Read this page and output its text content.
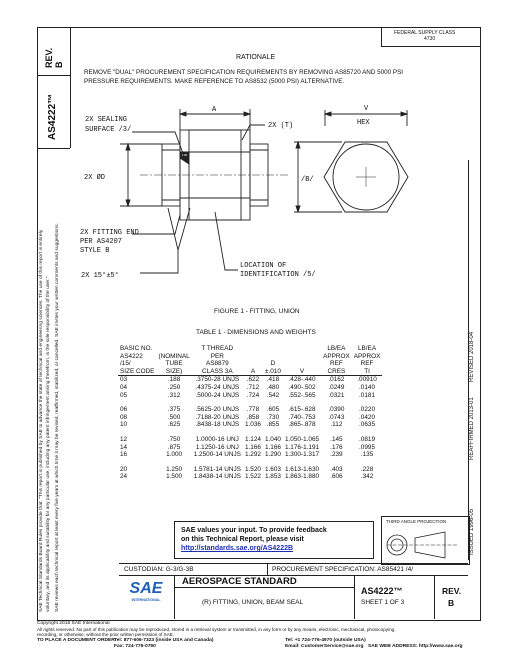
REV.
B
AS4222™
SAE Technical Standards Board Rules provide that: "This report is published by SAE to advance the state of technical and engineering sciences. The use of this report is entirely voluntary, and its applicability and suitability for any particular use, including any patent infringement arising therefrom, is the sole responsibility of the user." SAE reviews each technical report at least every five years at which time it may be revised, reaffirmed, stabilized, or cancelled. SAE invites your written comments and suggestions.	ISSUED 1996-05
REAFFIRMED 2013-01
REVISED 2018-04
FEDERAL SUPPLY CLASS
4730
RATIONALE
REMOVE "DUAL" PROCUREMENT SPECIFICATION REQUIREMENTS BY REMOVING AS85720 AND 5000 PSI
PRESSURE REQUIREMENTS. MAKE REFERENCE TO AS8532 (5000 PSI) ALTERNATIVE.
A	V
HEX
2X SEALING
SURFACE /3/	2X (T)
2X ØD	/B/
2X FITTING END
PER AS4207
STYLE B
LOCATION OF
IDENTIFICATION /5/
2X 15°±5°
FIGURE 1 - FITTING, UNION
TABLE 1 - DIMENSIONS AND WEIGHTS
BASIC NO.		T THREAD				LB/EA	LB/EA
AS4222	(NOMINAL	PER				APPROX	APPROX
/15/	TUBE	AS8879		D		REF	REF
SIZE CODE	SIZE)	CLASS 3A	A	±.010	V	CRES	TI
03	.188	.3750-28 UNJS	.622	.418	.428-.440	.0162	.00910
04	.250	.4375-24 UNJS	.712	.480	.490-.502	.0249	.0140
05	.312	.5000-24 UNJS	.724	.542	.552-.565	.0321	.0181

06	.375	.5625-20 UNJS	.778	.605	.615-.628	.0390	.0220
08	.500	.7188-20 UNJS	.858	.730	.740-.753	.0743	.0420
10	.625	.8438-18 UNJS	1.036	.855	.865-.878	.112	.0635

12	.750	1.0000-16 UNJ	1.124	1.040	1.050-1.065	.145	.0819
14	.875	1.1250-16 UNJ	1.166	1.166	1.176-1.191	.176	.0995
16	1.000	1.2500-14 UNJS	1.292	1.290	1.300-1.317	.239	.135

20	1.250	1.5781-14 UNJS	1.520	1.603	1.613-1.630	.403	.228
24	1.500	1.8438-14 UNJS	1.522	1.853	1.863-1.880	.606	.342
SAE values your input. To provide feedback
on this Technical Report, please visit
http://standards.sae.org/AS4222B
THIRD ANGLE PROJECTION
CUSTODIAN: G-3/G-3B	PROCUREMENT SPECIFICATION: AS85421 /4/
SAE
INTERNATIONAL
AEROSPACE STANDARD
(R) FITTING, UNION, BEAM SEAL
AS4222™
SHEET 1 OF 3
REV.
B
Copyright 2018 SAE International
All rights reserved. No part of this publication may be reproduced, stored in a retrieval system or transmitted, in any form or by any means, electronic, mechanical, photocopying,
recording, or otherwise, without the prior written permission of SAE.
TO PLACE A DOCUMENT ORDER:
Tel: 877-606-7323 (inside USA and Canada)
Fax: 724-776-0790
Tel: +1 724-776-4970 (outside USA)
Email: CustomerService@sae.org SAE WEB ADDRESS: http://www.sae.org
